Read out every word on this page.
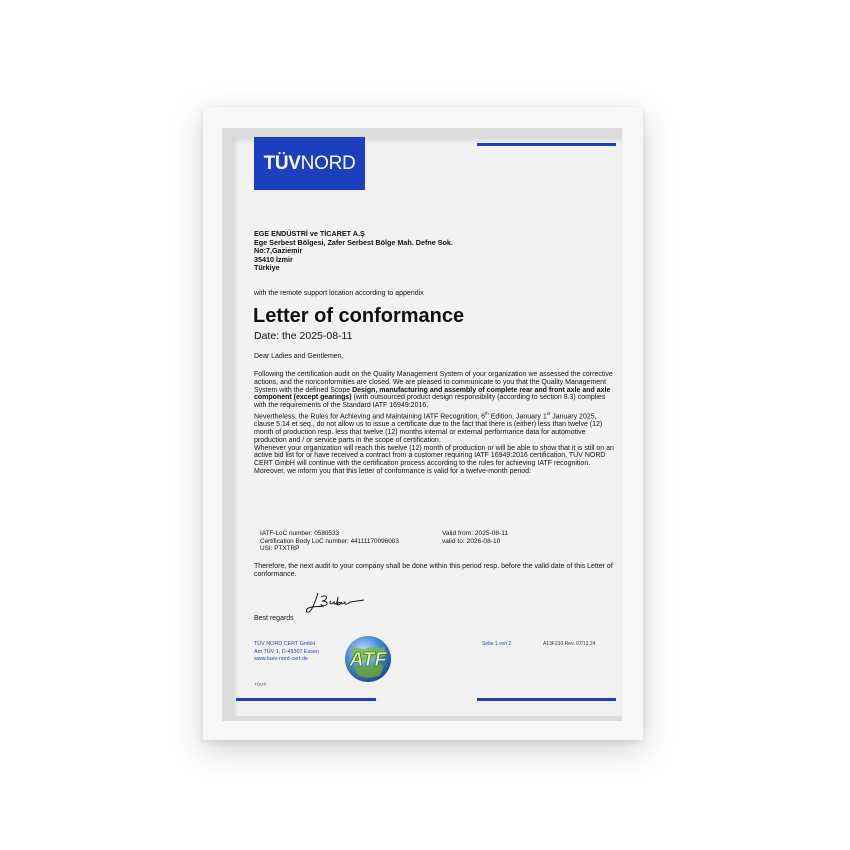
TÜV NORD
EGE ENDÜSTRİ ve TİCARET A.Ş
Ege Serbest Bölgesi, Zafer Serbest Bölge Mah. Defne Sok.
No:7,Gaziemir
35410 İzmir
Türkiye
with the remote support location according to appendix
Letter of conformance
Date: the 2025-08-11
Dear Ladies and Gentlemen,

Following the certification audit on the Quality Management System of your organization we assessed the corrective actions, and the nonconformities are closed. We are pleased to communicate to you that the Quality Management System with the defined Scope Design, manufacturing and assembly of complete rear and front axle and axle component (except gearings) (with outsourced product design responsibility (according to section 8.3) complies with the requirements of the Standard IATF 16949:2016.

Nevertheless, the Rules for Achieving and Maintaining IATF Recognition, 6th Edition, January 1st January 2025, clause 5.14 et seq., do not allow us to issue a certificate due to the fact that there is (either) less than twelve (12) month of production resp. less that twelve (12) months internal or external performance data for automotive production and / or service parts in the scope of certification.

Whenever your organization will reach this twelve (12) month of production or will be able to show that it is still on an active bid list for or have received a contract from a customer requiring IATF 16949:2016 certification, TÜV NORD CERT GmbH will continue with the certification process according to the rules for achieving IATF recognition.

Moreover, we inform you that this letter of conformance is valid for a twelve-month period:

IATF-LoC number: 0580533
Certification Body LoC number: 44111170096003
USI: PTXTRP
Valid from: 2025-08-11
valid to: 2026-08-10
Therefore, the next audit to your company shall be done within this period resp. before the valid date of this Letter of conformance.
Best regards
TÜV NORD CERT GmbH
Am TÜV 1, D-45307 Essen
www.tuev-nord-cert.de	ATF
Seite 1 von 2	A13F210 Rev. 07/12.24
TÜV®
